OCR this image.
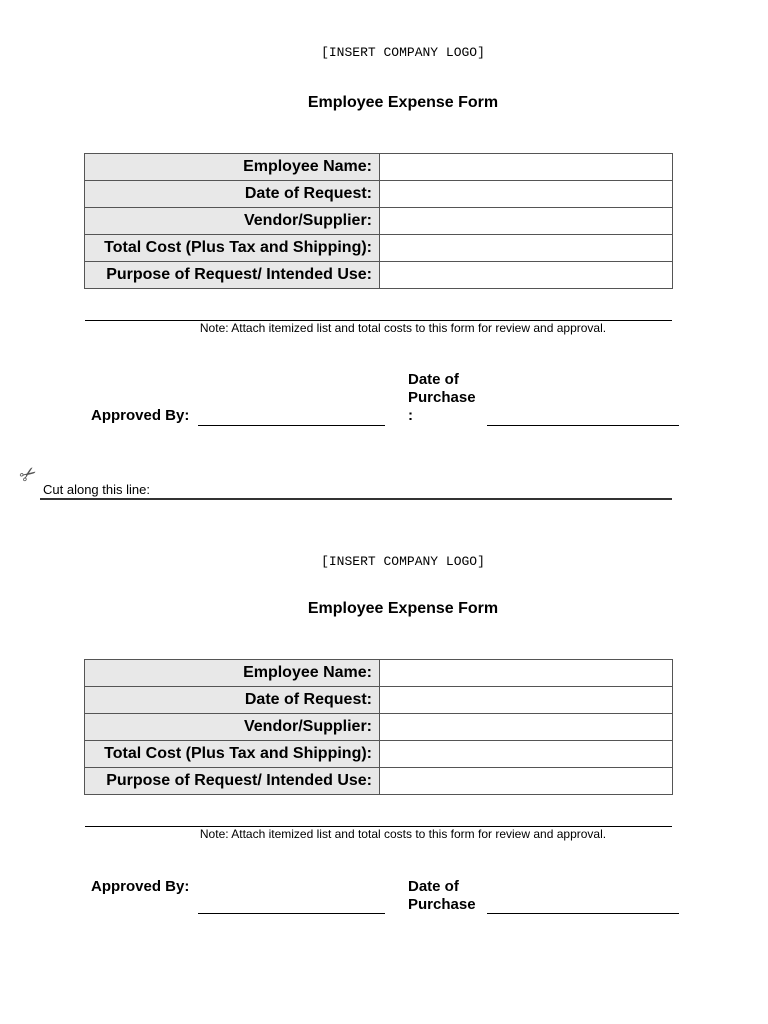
[INSERT COMPANY LOGO]
Employee Expense Form
Employee Name:	
Date of Request:	
Vendor/Supplier:	
Total Cost (Plus Tax and Shipping):	
Purpose of Request/ Intended Use:	
Note: Attach itemized list and total costs to this form for review and approval.
Approved By:
Date of
Purchase
:
✂
Cut along this line:
[INSERT COMPANY LOGO]
Employee Expense Form
Employee Name:	
Date of Request:	
Vendor/Supplier:	
Total Cost (Plus Tax and Shipping):	
Purpose of Request/ Intended Use:	
Note: Attach itemized list and total costs to this form for review and approval.
Approved By:	Date of
Purchase
